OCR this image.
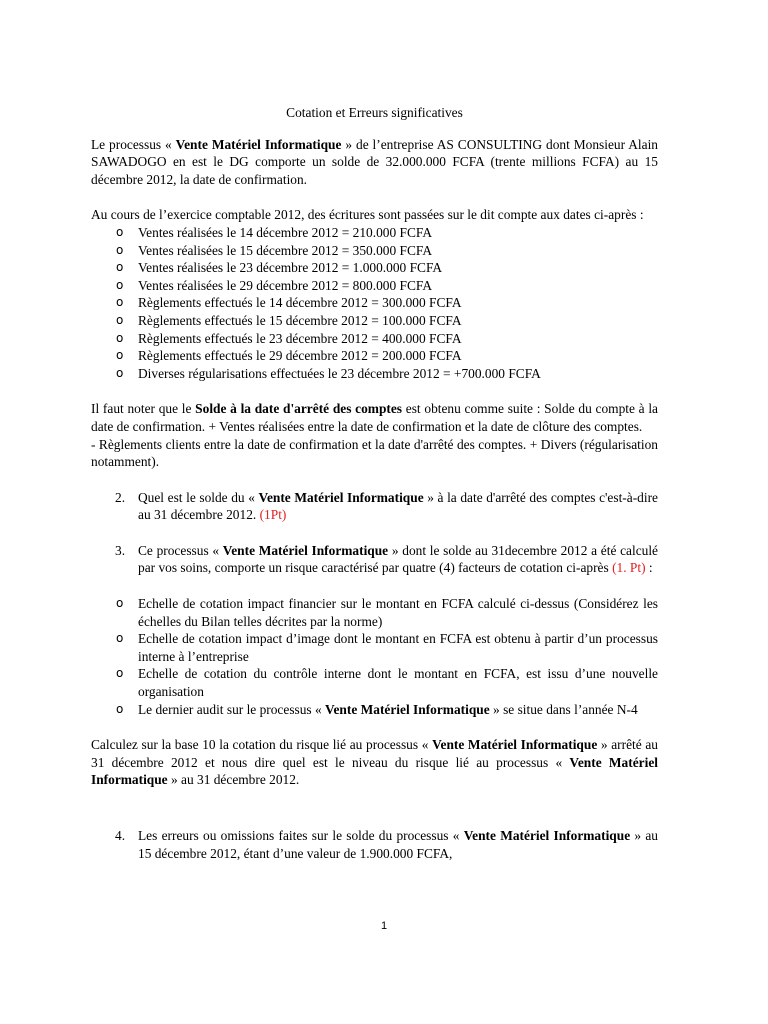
Cotation et Erreurs significatives

Le processus « Vente Matériel Informatique » de l’entreprise AS CONSULTING dont Monsieur Alain SAWADOGO en est le DG comporte un solde de 32.000.000 FCFA (trente millions FCFA) au 15 décembre 2012, la date de confirmation.

Au cours de l’exercice comptable 2012, des écritures sont passées sur le dit compte aux dates ci-après :

o Ventes réalisées le 14 décembre 2012 = 210.000 FCFA
o Ventes réalisées le 15 décembre 2012 = 350.000 FCFA
o Ventes réalisées le 23 décembre 2012 = 1.000.000 FCFA
o Ventes réalisées le 29 décembre 2012 = 800.000 FCFA
o Règlements effectués le 14 décembre 2012 = 300.000 FCFA
o Règlements effectués le 15 décembre 2012 = 100.000 FCFA
o Règlements effectués le 23 décembre 2012 = 400.000 FCFA
o Règlements effectués le 29 décembre 2012 = 200.000 FCFA
o Diverses régularisations effectuées le 23 décembre 2012 = +700.000 FCFA

Il faut noter que le Solde à la date d'arrêté des comptes est obtenu comme suite : Solde du compte à la date de confirmation. + Ventes réalisées entre la date de confirmation et la date de clôture des comptes.

- Règlements clients entre la date de confirmation et la date d'arrêté des comptes. + Divers (régularisation notamment).

2. Quel est le solde du « Vente Matériel Informatique » à la date d'arrêté des comptes c'est-à-dire au 31 décembre 2012. (1Pt)
3. Ce processus « Vente Matériel Informatique » dont le solde au 31decembre 2012 a été calculé par vos soins, comporte un risque caractérisé par quatre (4) facteurs de cotation ci-après (1. Pt) :
o Echelle de cotation impact financier sur le montant en FCFA calculé ci-dessus (Considérez les échelles du Bilan telles décrites par la norme)
o Echelle de cotation impact d’image dont le montant en FCFA est obtenu à partir d’un processus interne à l’entreprise
o Echelle de cotation du contrôle interne dont le montant en FCFA, est issu d’une nouvelle organisation
o Le dernier audit sur le processus « Vente Matériel Informatique » se situe dans l’année N-4

Calculez sur la base 10 la cotation du risque lié au processus « Vente Matériel Informatique » arrêté au 31 décembre 2012 et nous dire quel est le niveau du risque lié au processus « Vente Matériel Informatique » au 31 décembre 2012.

4. Les erreurs ou omissions faites sur le solde du processus « Vente Matériel Informatique » au 15 décembre 2012, étant d’une valeur de 1.900.000 FCFA,
1
